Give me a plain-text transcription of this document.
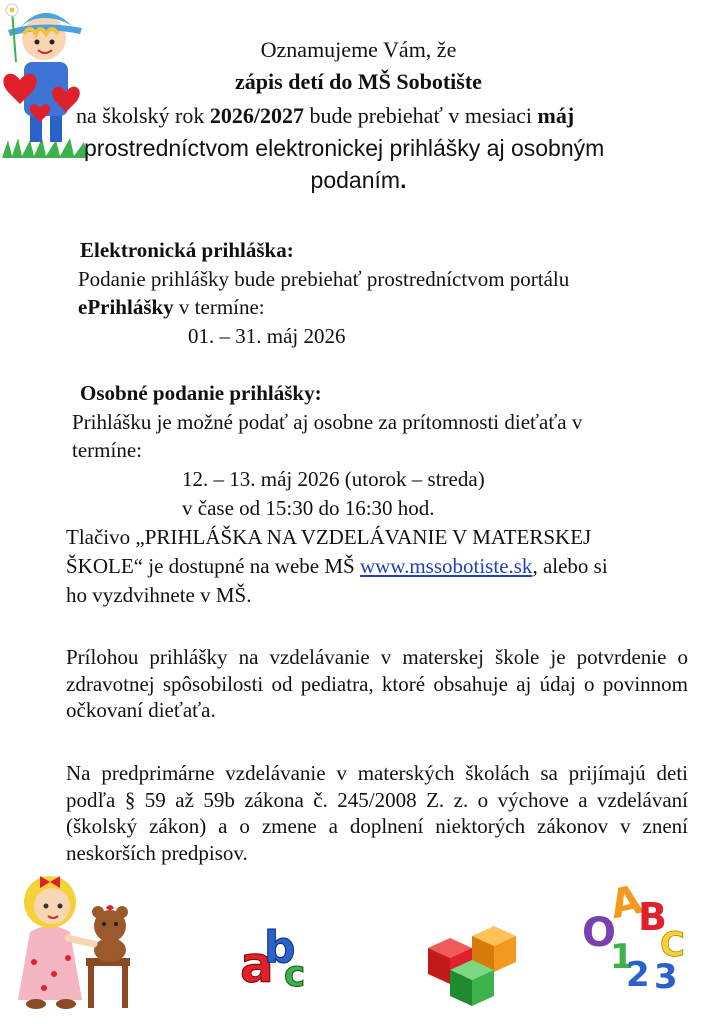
Oznamujeme Vám, že
zápis detí do MŠ Sobotište
na školský rok 2026/2027 bude prebiehať v mesiaci máj
prostredníctvom elektronickej prihlášky aj osobným
podaním.
Elektronická prihláška:
Podanie prihlášky bude prebiehať prostredníctvom portálu
ePrihlášky v termíne:
01. – 31. máj 2026
Osobné podanie prihlášky:
Prihlášku je možné podať aj osobne za prítomnosti dieťaťa v
termíne:
12. – 13. máj 2026 (utorok – streda)
v čase od 15:30 do 16:30 hod.
Tlačivo „PRIHLÁŠKA NA VZDELÁVANIE V MATERSKEJ
ŠKOLE“ je dostupné na webe MŠ www.mssobotiste.sk, alebo si
ho vyzdvihnete v MŠ.
Prílohou prihlášky na vzdelávanie v materskej škole je potvrdenie o zdravotnej spôsobilosti od pediatra, ktoré obsahuje aj údaj o povinnom očkovaní dieťaťa.
Na predprimárne vzdelávanie v materských školách sa prijímajú deti podľa § 59 až 59b zákona č. 245/2008 Z. z. o výchove a vzdelávaní (školský zákon) a o zmene a doplnení niektorých zákonov v znení neskorších predpisov.
a
b
c
O
A
B
C
1
2 3
